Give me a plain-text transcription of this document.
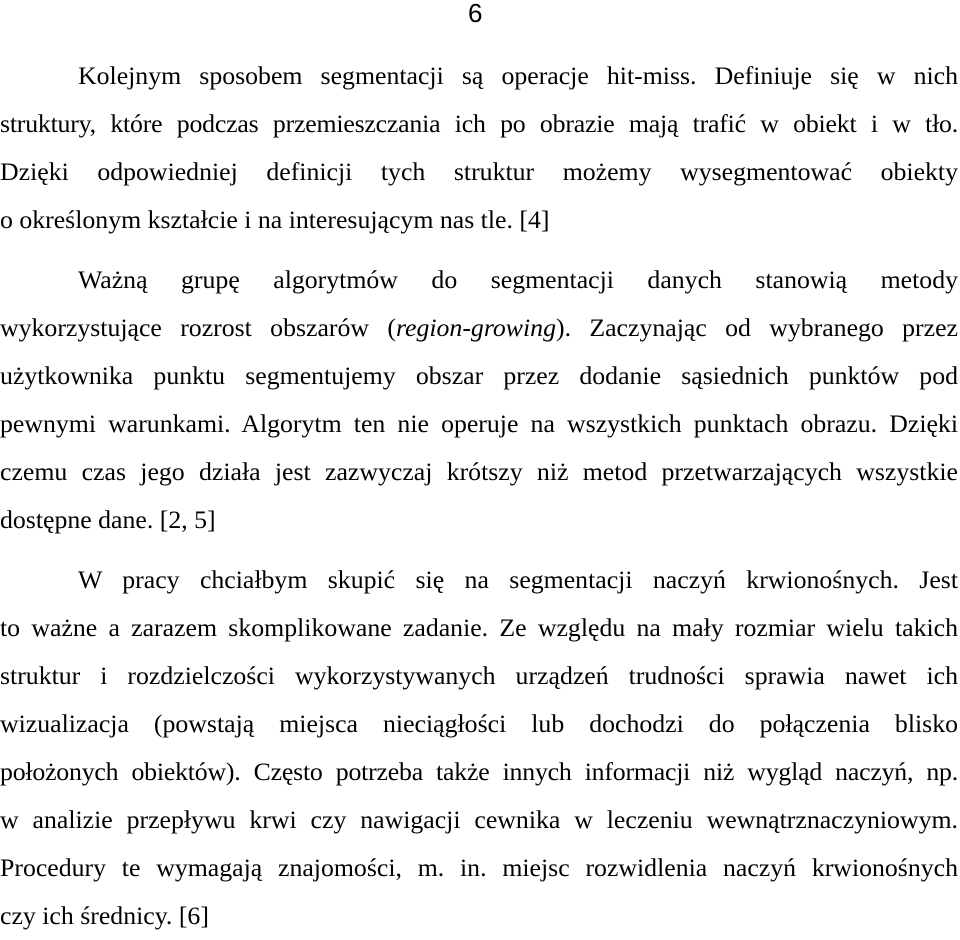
6

Kolejnym sposobem segmentacji są operacje hit-miss. Definiuje się w nich
struktury, które podczas przemieszczania ich po obrazie mają trafić w obiekt i w tło.
Dzięki odpowiedniej definicji tych struktur możemy wysegmentować obiekty
o określonym kształcie i na interesującym nas tle. [4]

Ważną grupę algorytmów do segmentacji danych stanowią metody
wykorzystujące rozrost obszarów (region-growing). Zaczynając od wybranego przez
użytkownika punktu segmentujemy obszar przez dodanie sąsiednich punktów pod
pewnymi warunkami. Algorytm ten nie operuje na wszystkich punktach obrazu. Dzięki
czemu czas jego działa jest zazwyczaj krótszy niż metod przetwarzających wszystkie
dostępne dane. [2, 5]

W pracy chciałbym skupić się na segmentacji naczyń krwionośnych. Jest
to ważne a zarazem skomplikowane zadanie. Ze względu na mały rozmiar wielu takich
struktur i rozdzielczości wykorzystywanych urządzeń trudności sprawia nawet ich
wizualizacja (powstają miejsca nieciągłości lub dochodzi do połączenia blisko
położonych obiektów). Często potrzeba także innych informacji niż wygląd naczyń, np.
w analizie przepływu krwi czy nawigacji cewnika w leczeniu wewnątrznaczyniowym.
Procedury te wymagają znajomości, m. in. miejsc rozwidlenia naczyń krwionośnych
czy ich średnicy. [6]
